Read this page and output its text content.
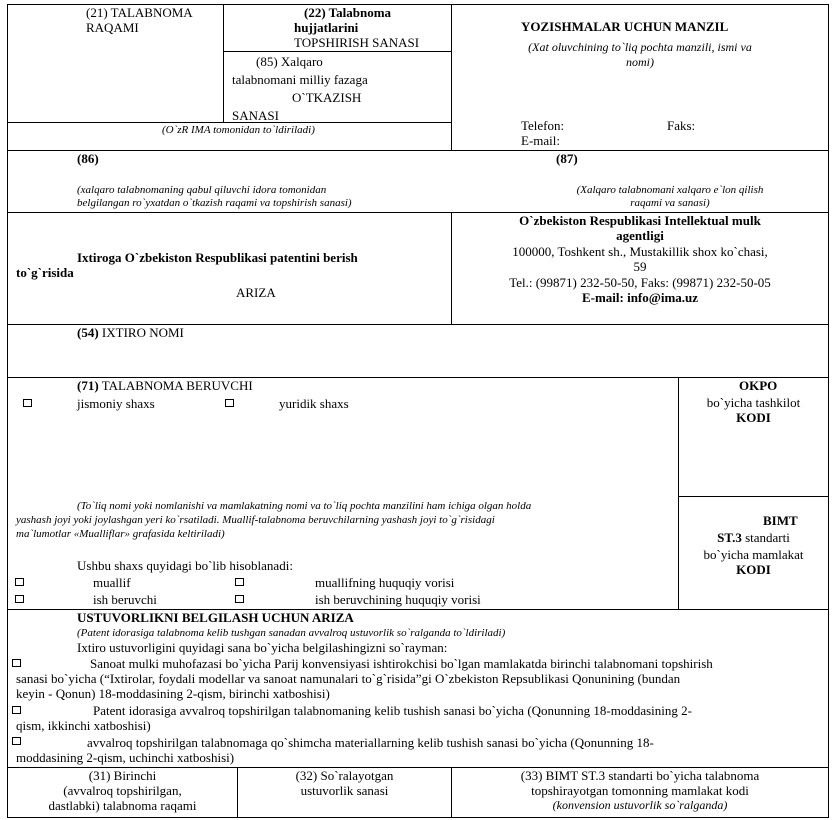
(21) TALABNOMA
RAQAMI
(22) Talabnoma
hujjatlarini
TOPSHIRISH SANASI
(85) Xalqaro
talabnomani milliy fazaga
O`TKAZISH
SANASI
(O`zR IMA tomonidan to`ldiriladi)
YOZISHMALAR UCHUN MANZIL
(Xat oluvchining to`liq pochta manzili, ismi va
nomi)
Telefon:	Faks:
E-mail:
(86)
(xalqaro talabnomaning qabul qiluvchi idora tomonidan
belgilangan ro`yxatdan o`tkazish raqami va topshirish sanasi)
(87)
(Xalqaro talabnomani xalqaro e`lon qilish
raqami va sanasi)
Ixtiroga O`zbekiston Respublikasi patentini berish
to`g`risida
ARIZA
O`zbekiston Respublikasi Intellektual mulk
agentligi
100000, Toshkent sh., Mustakillik shox ko`chasi,
59
Tel.: (99871) 232-50-50, Faks: (99871) 232-50-05
E-mail: info@ima.uz
(54) IXTIRO NOMI
(71) TALABNOMA BERUVCHI
jismoniy shaxs	yuridik shaxs
(To`liq nomi yoki nomlanishi va mamlakatning nomi va to`liq pochta manzilini ham ichiga olgan holda
yashash joyi yoki joylashgan yeri ko`rsatiladi. Muallif-talabnoma beruvchilarning yashash joyi to`g`risidagi
ma`lumotlar «Mualliflar» grafasida keltiriladi)
Ushbu shaxs quyidagi bo`lib hisoblanadi:
muallif	muallifning huquqiy vorisi
ish beruvchi	ish beruvchining huquqiy vorisi
OKPO
bo`yicha tashkilot
KODI
BIMT
ST.3 standarti
bo`yicha mamlakat
KODI
USTUVORLIKNI BELGILASH UCHUN ARIZA
(Patent idorasiga talabnoma kelib tushgan sanadan avvalroq ustuvorlik so`ralganda to`ldiriladi)
Ixtiro ustuvorligini quyidagi sana bo`yicha belgilashingizni so`rayman:
Sanoat mulki muhofazasi bo`yicha Parij konvensiyasi ishtirokchisi bo`lgan mamlakatda birinchi talabnomani topshirish
sanasi bo`yicha (“Ixtirolar, foydali modellar va sanoat namunalari to`g`risida”gi O`zbekiston Repsublikasi Qonunining (bundan
keyin - Qonun) 18-moddasining 2-qism, birinchi xatboshisi)
Patent idorasiga avvalroq topshirilgan talabnomaning kelib tushish sanasi bo`yicha (Qonunning 18-moddasining 2-
qism, ikkinchi xatboshisi)
avvalroq topshirilgan talabnomaga qo`shimcha materiallarning kelib tushish sanasi bo`yicha (Qonunning 18-
moddasining 2-qism, uchinchi xatboshisi)
(31) Birinchi
(avvalroq topshirilgan,
dastlabki) talabnoma raqami
(32) So`ralayotgan
ustuvorlik sanasi
(33) BIMT ST.3 standarti bo`yicha talabnoma
topshirayotgan tomonning mamlakat kodi
(konvension ustuvorlik so`ralganda)
